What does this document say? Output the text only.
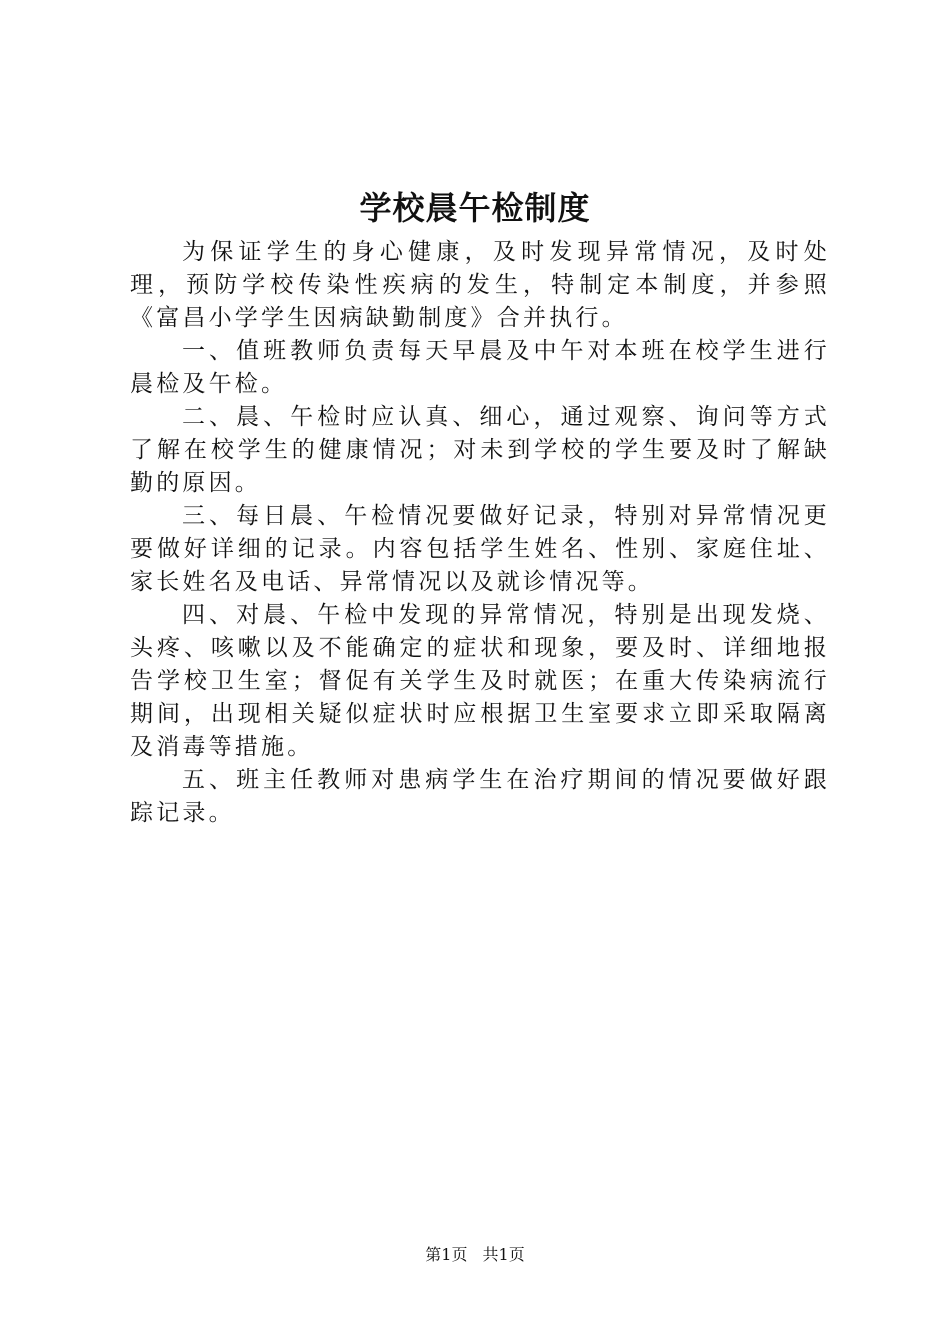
学校晨午检制度

为保证学生的身心健康，及时发现异常情况，及时处理，预防学校传染性疾病的发生，特制定本制度，并参照《富昌小学学生因病缺勤制度》合并执行。

一、值班教师负责每天早晨及中午对本班在校学生进行晨检及午检。

二、晨、午检时应认真、细心，通过观察、询问等方式了解在校学生的健康情况；对未到学校的学生要及时了解缺勤的原因。

三、每日晨、午检情况要做好记录，特别对异常情况更要做好详细的记录。内容包括学生姓名、性别、家庭住址、家长姓名及电话、异常情况以及就诊情况等。

四、对晨、午检中发现的异常情况，特别是出现发烧、头疼、咳嗽以及不能确定的症状和现象，要及时、详细地报告学校卫生室；督促有关学生及时就医；在重大传染病流行期间，出现相关疑似症状时应根据卫生室要求立即采取隔离及消毒等措施。

五、班主任教师对患病学生在治疗期间的情况要做好跟踪记录。

第1页 共1页
